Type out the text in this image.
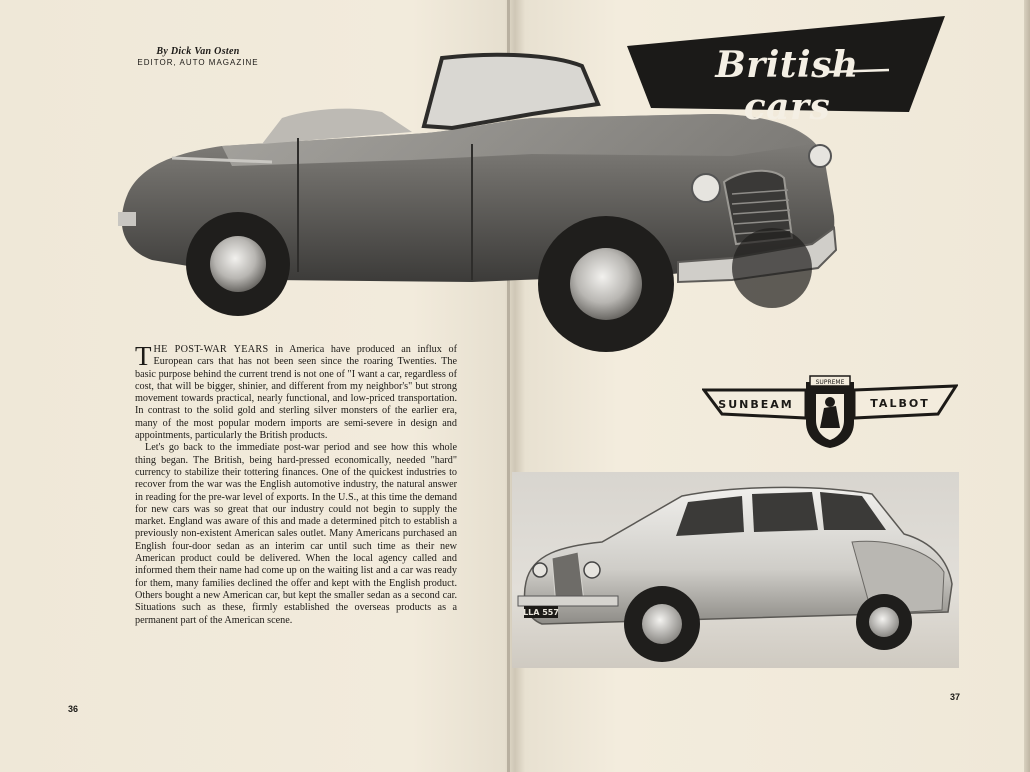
By Dick Van Osten
EDITOR, AUTO MAGAZINE	British cars
SUNBEAM
SUPREME
TALBOT
LLA 557

THE POST-WAR YEARS in America have produced an influx of European cars that has not been seen since the roaring Twenties. The basic purpose behind the current trend is not one of "I want a car, regardless of cost, that will be bigger, shinier, and different from my neighbor's" but strong movement towards practical, nearly functional, and low-priced transportation. In contrast to the solid gold and sterling silver monsters of the earlier era, many of the most popular modern imports are semi-severe in design and appointments, particularly the British products.

Let's go back to the immediate post-war period and see how this whole thing began. The British, being hard-pressed economically, needed "hard" currency to stabilize their tottering finances. One of the quickest industries to recover from the war was the English automotive industry, the natural answer in reading for the pre-war level of exports. In the U.S., at this time the demand for new cars was so great that our industry could not begin to supply the market. England was aware of this and made a determined pitch to establish a previously non-existent American sales outlet. Many Americans purchased an English four-door sedan as an interim car until such time as their new American product could be delivered. When the local agency called and informed them their name had come up on the waiting list and a car was ready for them, many families declined the offer and kept with the English product. Others bought a new American car, but kept the smaller sedan as a second car. Situations such as these, firmly established the overseas products as a permanent part of the American scene.

36
37
